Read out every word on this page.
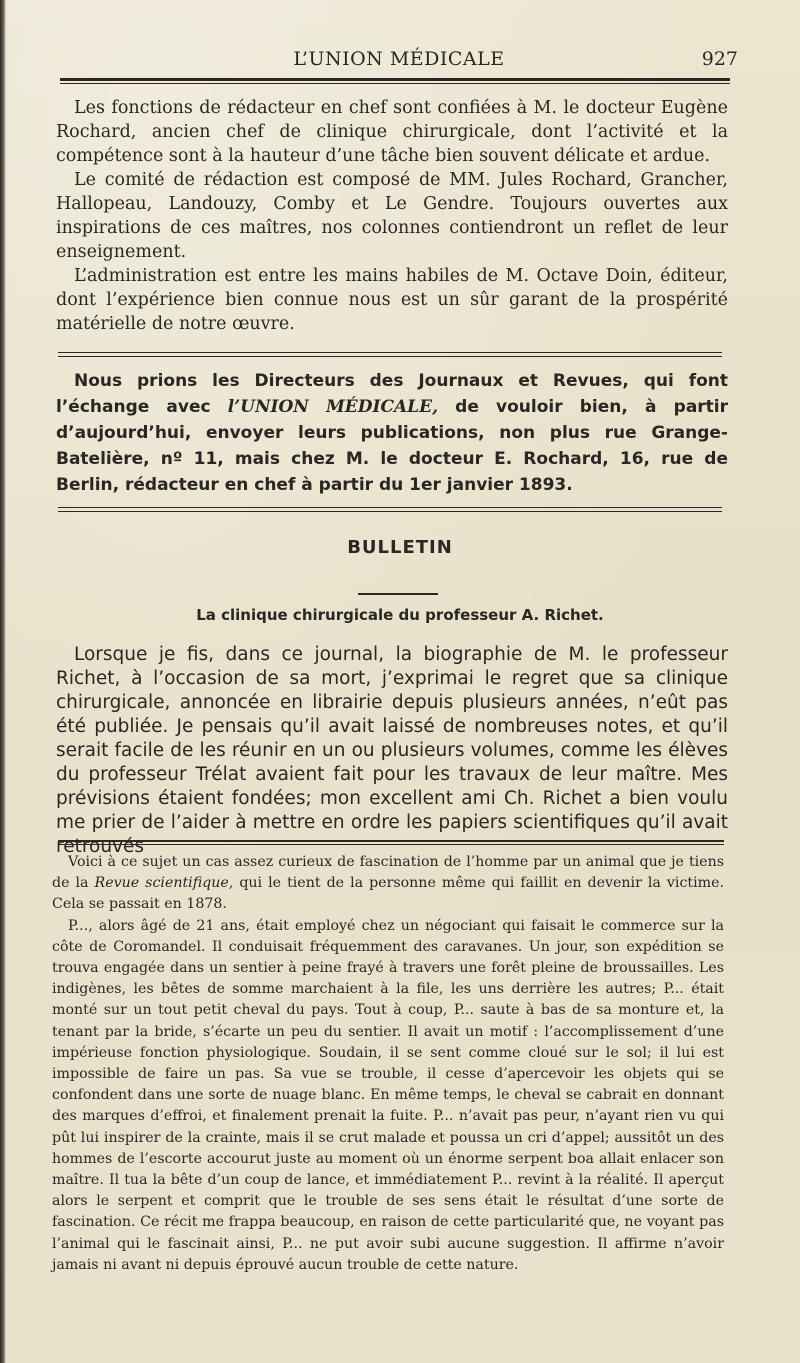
L’UNION MÉDICALE	927

Les fonctions de rédacteur en chef sont confiées à M. le docteur Eugène Rochard, ancien chef de clinique chirurgicale, dont l’activité et la compétence sont à la hauteur d’une tâche bien souvent délicate et ardue.

Le comité de rédaction est composé de MM. Jules Rochard, Grancher, Hallopeau, Landouzy, Comby et Le Gendre. Toujours ouvertes aux inspirations de ces maîtres, nos colonnes contiendront un reflet de leur enseignement.

L’administration est entre les mains habiles de M. Octave Doin, éditeur, dont l’expérience bien connue nous est un sûr garant de la prospérité matérielle de notre œuvre.

Nous prions les Directeurs des Journaux et Revues, qui font l’échange avec l’UNION MÉDICALE, de vouloir bien, à partir d’aujourd’hui, envoyer leurs publications, non plus rue Grange-Batelière, nº 11, mais chez M. le docteur E. Rochard, 16, rue de Berlin, rédacteur en chef à partir du 1er janvier 1893.
BULLETIN
La clinique chirurgicale du professeur A. Richet.

Lorsque je fis, dans ce journal, la biographie de M. le professeur Richet, à l’occasion de sa mort, j’exprimai le regret que sa clinique chirurgicale, annoncée en librairie depuis plusieurs années, n’eût pas été publiée. Je pensais qu’il avait laissé de nombreuses notes, et qu’il serait facile de les réunir en un ou plusieurs volumes, comme les élèves du professeur Trélat avaient fait pour les travaux de leur maître. Mes prévisions étaient fondées; mon excellent ami Ch. Richet a bien voulu me prier de l’aider à mettre en ordre les papiers scientifiques qu’il avait retrouvés

Voici à ce sujet un cas assez curieux de fascination de l’homme par un animal que je tiens de la Revue scientifique, qui le tient de la personne même qui faillit en devenir la victime. Cela se passait en 1878.

P..., alors âgé de 21 ans, était employé chez un négociant qui faisait le commerce sur la côte de Coromandel. Il conduisait fréquemment des caravanes. Un jour, son expédition se trouva engagée dans un sentier à peine frayé à travers une forêt pleine de broussailles. Les indigènes, les bêtes de somme marchaient à la file, les uns derrière les autres; P... était monté sur un tout petit cheval du pays. Tout à coup, P... saute à bas de sa monture et, la tenant par la bride, s’écarte un peu du sentier. Il avait un motif : l’accomplissement d’une impérieuse fonction physiologique. Soudain, il se sent comme cloué sur le sol; il lui est impossible de faire un pas. Sa vue se trouble, il cesse d’apercevoir les objets qui se confondent dans une sorte de nuage blanc. En même temps, le cheval se cabrait en donnant des marques d’effroi, et finalement prenait la fuite. P... n’avait pas peur, n’ayant rien vu qui pût lui inspirer de la crainte, mais il se crut malade et poussa un cri d’appel; aussitôt un des hommes de l’escorte accourut juste au moment où un énorme serpent boa allait enlacer son maître. Il tua la bête d’un coup de lance, et immédiatement P... revint à la réalité. Il aperçut alors le serpent et comprit que le trouble de ses sens était le résultat d’une sorte de fascination. Ce récit me frappa beaucoup, en raison de cette particularité que, ne voyant pas l’animal qui le fascinait ainsi, P... ne put avoir subi aucune suggestion. Il affirme n’avoir jamais ni avant ni depuis éprouvé aucun trouble de cette nature.
